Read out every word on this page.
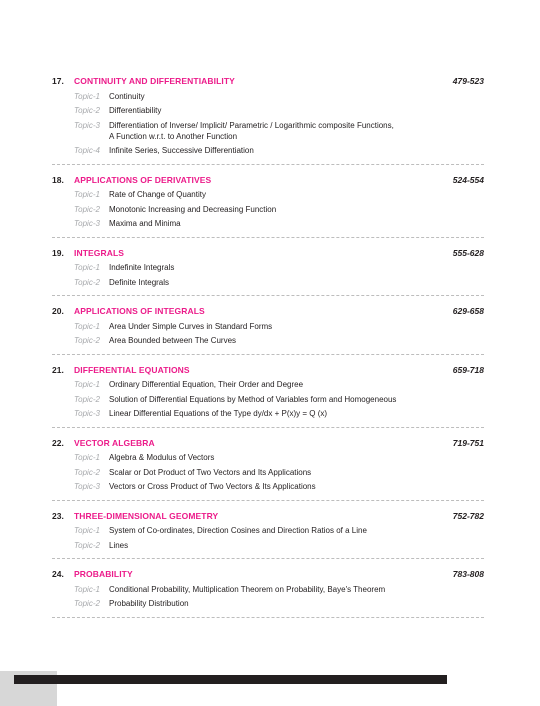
17.	CONTINUITY AND DIFFERENTIABILITY	479-523
Topic-1	Continuity
Topic-2	Differentiability
Topic-3	Differentiation of Inverse/ Implicit/ Parametric / Logarithmic composite Functions,
A Function w.r.t. to Another Function
Topic-4	Infinite Series, Successive Differentiation
18.	APPLICATIONS OF DERIVATIVES	524-554
Topic-1	Rate of Change of Quantity
Topic-2	Monotonic Increasing and Decreasing Function
Topic-3	Maxima and Minima
19.	INTEGRALS	555-628
Topic-1	Indefinite Integrals
Topic-2	Definite Integrals
20.	APPLICATIONS OF INTEGRALS	629-658
Topic-1	Area Under Simple Curves in Standard Forms
Topic-2	Area Bounded between The Curves
21.	DIFFERENTIAL EQUATIONS	659-718
Topic-1	Ordinary Differential Equation, Their Order and Degree
Topic-2	Solution of Differential Equations by Method of Variables form and Homogeneous
Topic-3	Linear Differential Equations of the Type dy/dx + P(x)y = Q (x)
22.	VECTOR ALGEBRA	719-751
Topic-1	Algebra & Modulus of Vectors
Topic-2	Scalar or Dot Product of Two Vectors and Its Applications
Topic-3	Vectors or Cross Product of Two Vectors & Its Applications
23.	THREE-DIMENSIONAL GEOMETRY	752-782
Topic-1	System of Co-ordinates, Direction Cosines and Direction Ratios of a Line
Topic-2	Lines
24.	PROBABILITY	783-808
Topic-1	Conditional Probability, Multiplication Theorem on Probability, Baye's Theorem
Topic-2	Probability Distribution
